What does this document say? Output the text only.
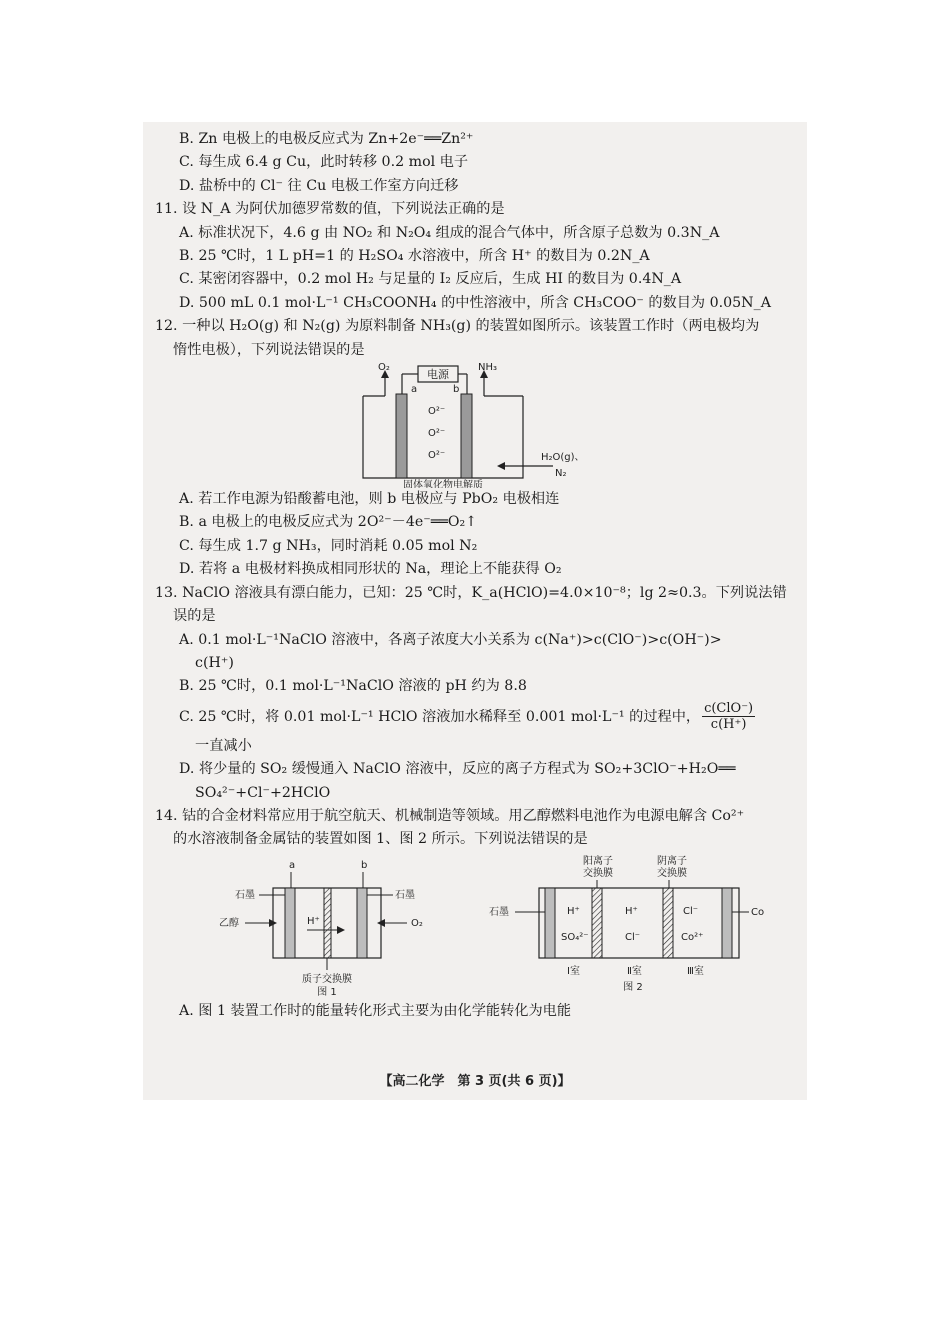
B. Zn 电极上的电极反应式为 Zn+2e⁻══Zn²⁺
C. 每生成 6.4 g Cu，此时转移 0.2 mol 电子
D. 盐桥中的 Cl⁻ 往 Cu 电极工作室方向迁移
11. 设 N_A 为阿伏加德罗常数的值，下列说法正确的是
A. 标准状况下，4.6 g 由 NO₂ 和 N₂O₄ 组成的混合气体中，所含原子总数为 0.3N_A
B. 25 ℃时，1 L pH=1 的 H₂SO₄ 水溶液中，所含 H⁺ 的数目为 0.2N_A
C. 某密闭容器中，0.2 mol H₂ 与足量的 I₂ 反应后，生成 HI 的数目为 0.4N_A
D. 500 mL 0.1 mol·L⁻¹ CH₃COONH₄ 的中性溶液中，所含 CH₃COO⁻ 的数目为 0.05N_A
12. 一种以 H₂O(g) 和 N₂(g) 为原料制备 NH₃(g) 的装置如图所示。该装置工作时（两电极均为
惰性电极），下列说法错误的是
电源
a	b
O₂	NH₃
O²⁻
O²⁻
O²⁻	H₂O(g)、
N₂
固体氧化物电解质
A. 若工作电源为铅酸蓄电池，则 b 电极应与 PbO₂ 电极相连
B. a 电极上的电极反应式为 2O²⁻－4e⁻══O₂↑
C. 每生成 1.7 g NH₃，同时消耗 0.05 mol N₂
D. 若将 a 电极材料换成相同形状的 Na，理论上不能获得 O₂
13. NaClO 溶液具有漂白能力，已知：25 ℃时，K_a(HClO)=4.0×10⁻⁸；lg 2≈0.3。下列说法错
误的是
A. 0.1 mol·L⁻¹NaClO 溶液中，各离子浓度大小关系为 c(Na⁺)>c(ClO⁻)>c(OH⁻)>
c(H⁺)
B. 25 ℃时，0.1 mol·L⁻¹NaClO 溶液的 pH 约为 8.8
C. 25 ℃时，将 0.01 mol·L⁻¹ HClO 溶液加水稀释至 0.001 mol·L⁻¹ 的过程中， $\frac{\text{c(ClO⁻)}}{c(H^+)}$
一直减小
D. 将少量的 SO₂ 缓慢通入 NaClO 溶液中，反应的离子方程式为 SO₂+3ClO⁻+H₂O══
SO₄²⁻+Cl⁻+2HClO
14. 钴的合金材料常应用于航空航天、机械制造等领域。用乙醇燃料电池作为电源电解含 Co²⁺
的水溶液制备金属钴的装置如图 1、图 2 所示。下列说法错误的是
a	b
石墨	石墨
乙醇	H⁺	O₂
质子交换膜
图 1
阳离子
交换膜
阴离子
交换膜
石墨	Co
H⁺
SO₄²⁻
H⁺
Cl⁻
Cl⁻
Co²⁺
Ⅰ室	Ⅱ室	Ⅲ室
图 2
A. 图 1 装置工作时的能量转化形式主要为由化学能转化为电能
【高二化学　第 3 页(共 6 页)】
